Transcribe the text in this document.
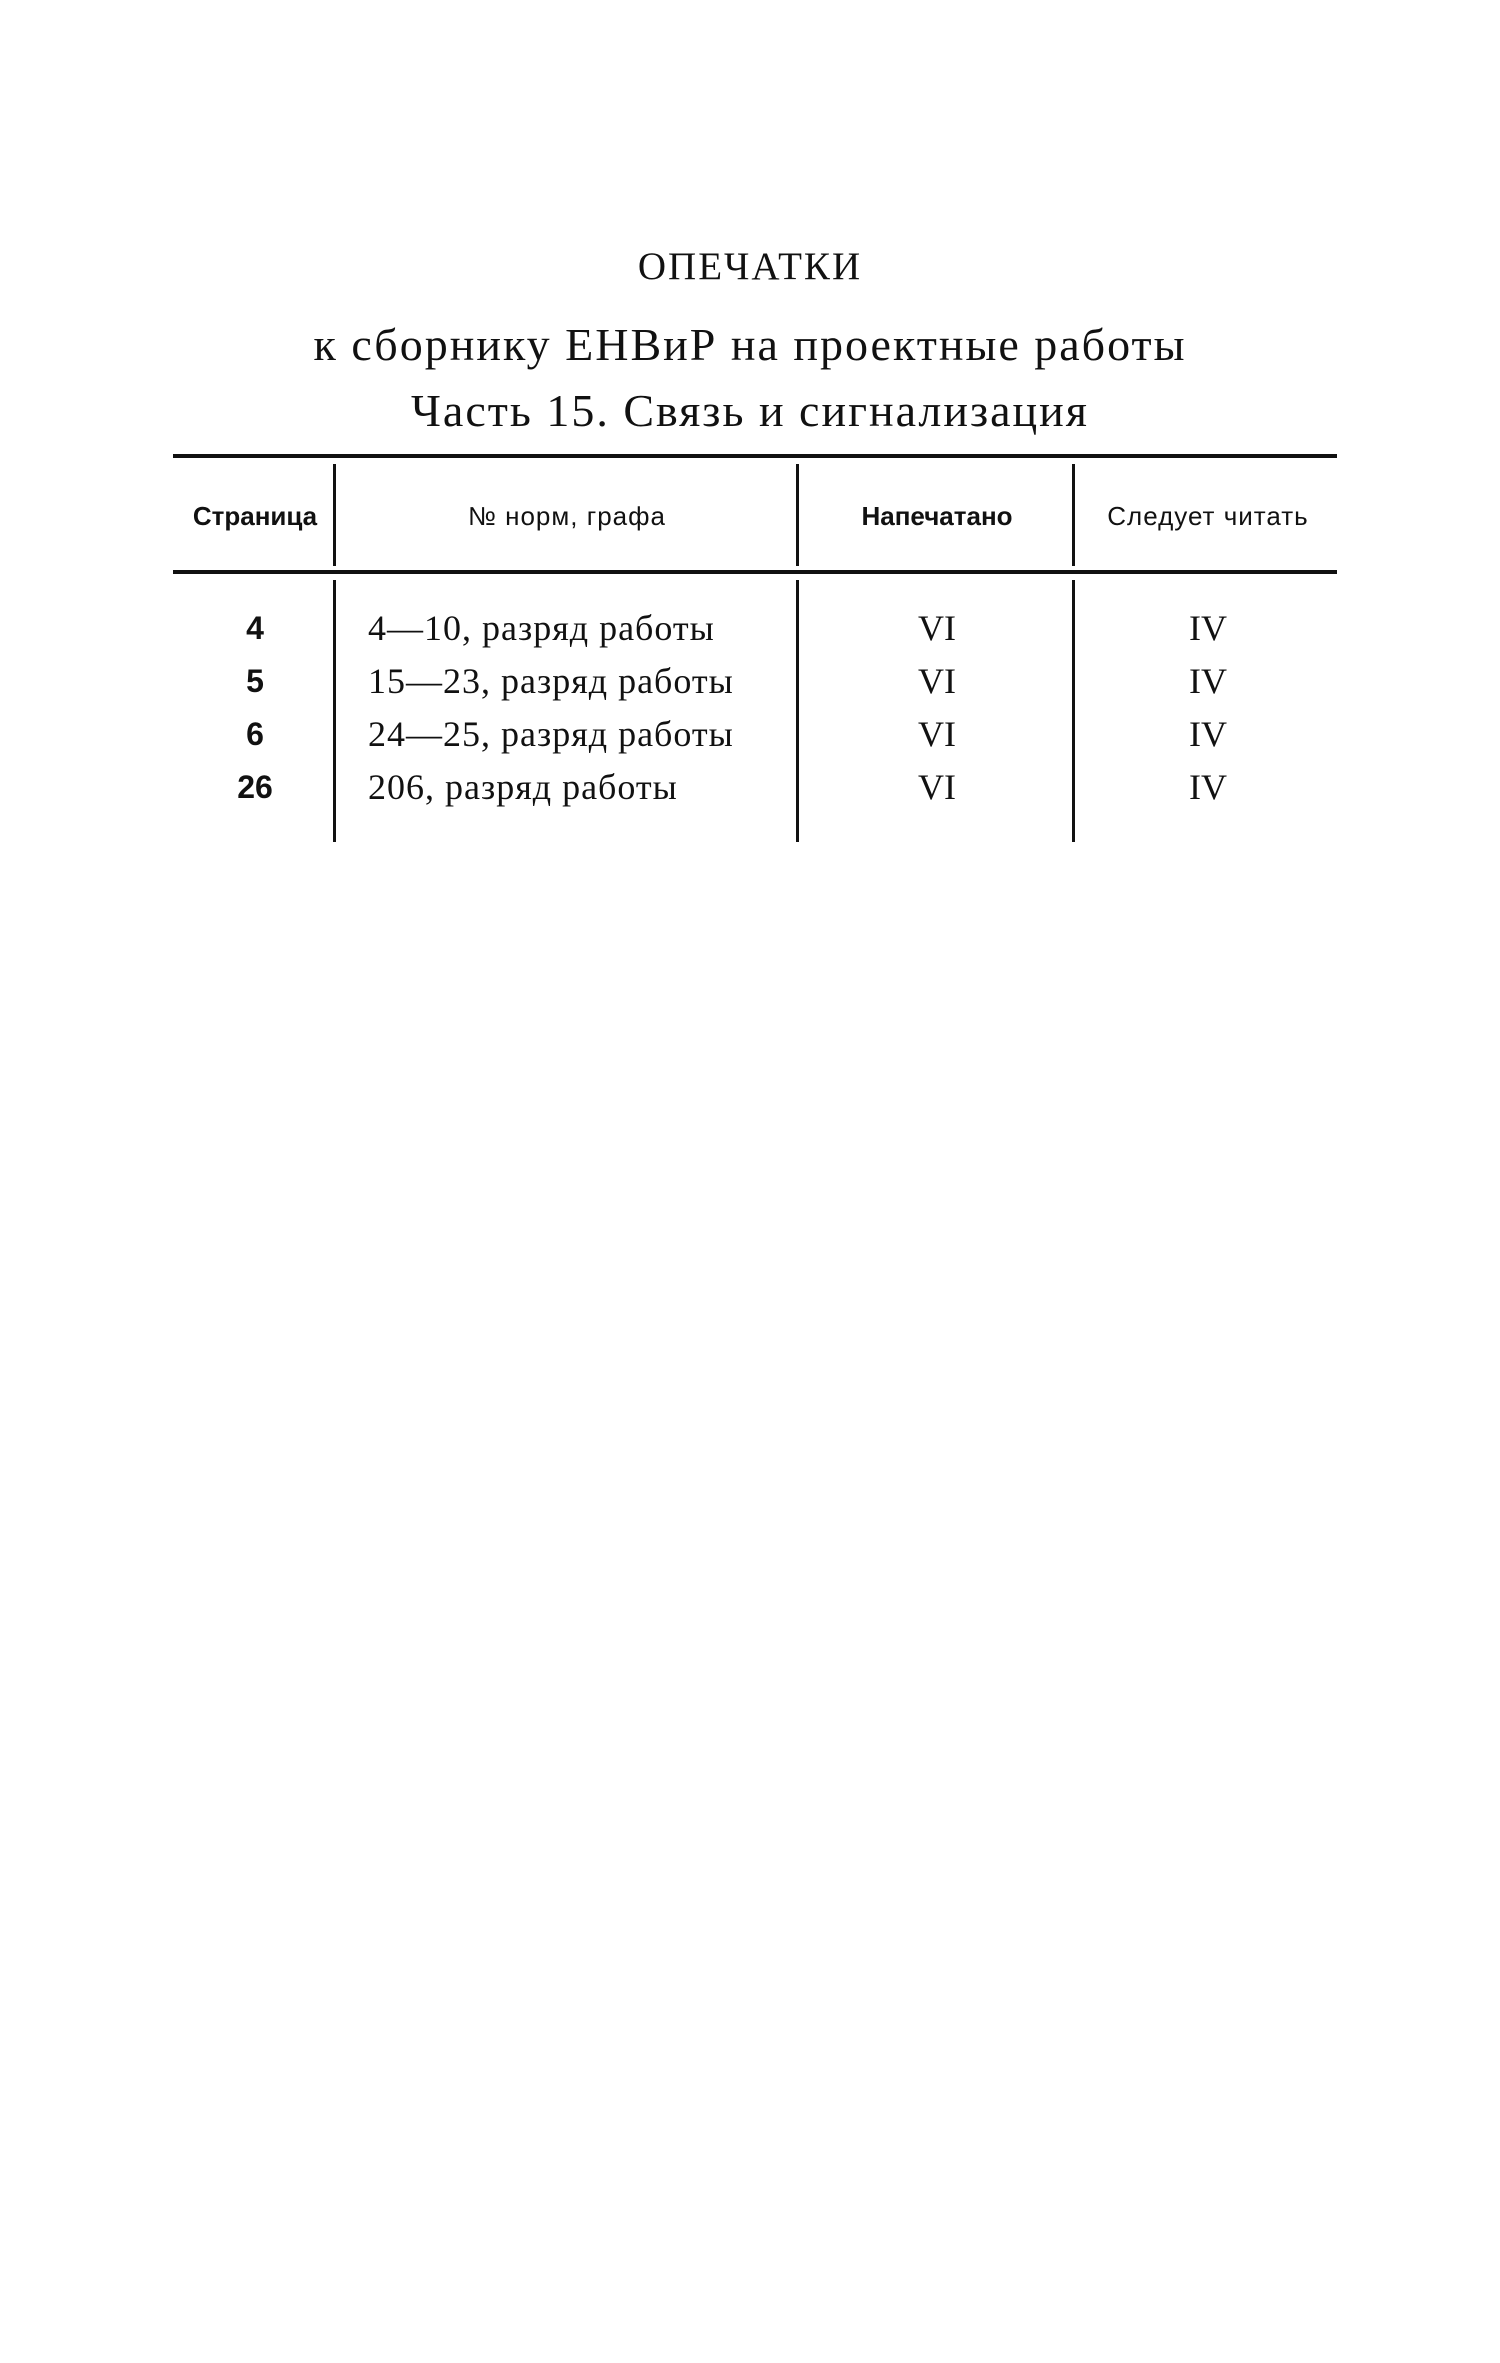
ОПЕЧАТКИ
к сборнику ЕНВиР на проектные работы
Часть 15. Связь и сигнализация
Страница	№ норм, графа	Напечатано	Следует читать
4	4—10, разряд работы	VI	IV
5	15—23, разряд работы	VI	IV
6	24—25, разряд работы	VI	IV
26	206, разряд работы	VI	IV
